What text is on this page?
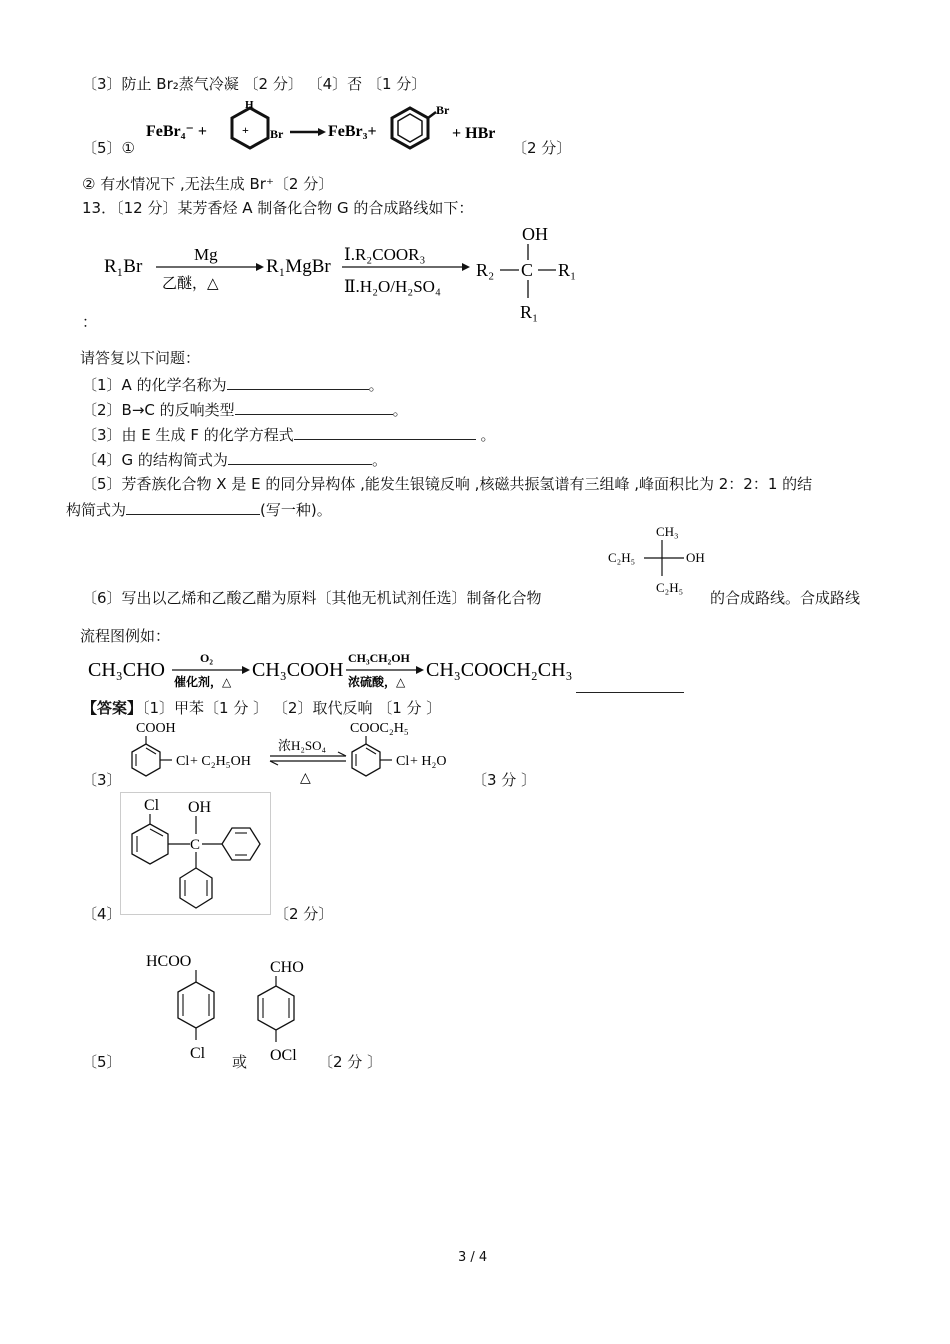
〔3〕防止 Br₂蒸气冷凝 〔2 分〕 〔4〕否 〔1 分〕
〔5〕①
FeBr₄⁻ +	+
H
Br	FeBr₃+
Br
+ HBr
〔2 分〕
② 有水情况下 ,无法生成 Br⁺〔2 分〕
13．〔12 分〕某芳香烃 A 制备化合物 G 的合成路线如下：
R₁Br
Mg
乙醚，△
R₁MgBr
Ⅰ.R₂COOR₃
Ⅱ.H₂O/H₂SO₄
OH
R₂ C R₁
R₁
：
请答复以下问题：
〔1〕A 的化学名称为	。
〔2〕B→C 的反响类型	。
〔3〕由 E 生成 F 的化学方程式	。
〔4〕G 的结构简式为	。
〔5〕芳香族化合物 X 是 E 的同分异构体 ,能发生银镜反响 ,核磁共振氢谱有三组峰 ,峰面积比为 2：2：1 的结
构简式为	(写一种)。
CH₃
C₂H₅	OH
C₂H₅
〔6〕写出以乙烯和乙酸乙醋为原料〔其他无机试剂任选〕制备化合物	的合成路线。合成路线
流程图例如：
CH₃CHO
O₂
催化剂，△
CH₃COOH
CH₃CH₂OH
浓硫酸，△
CH₃COOCH₂CH₃
【答案】〔1〕甲苯〔1 分 〕 〔2〕取代反响 〔1 分 〕
〔3〕
COOH
Cl + C₂H₅OH
浓H₂SO₄
△
COOC₂H₅
Cl + H₂O
〔3 分 〕
Cl OH
C
〔4〕	〔2 分〕
HCOO
Cl
CHO
OCl
〔5〕	或	〔2 分 〕
3 / 4
